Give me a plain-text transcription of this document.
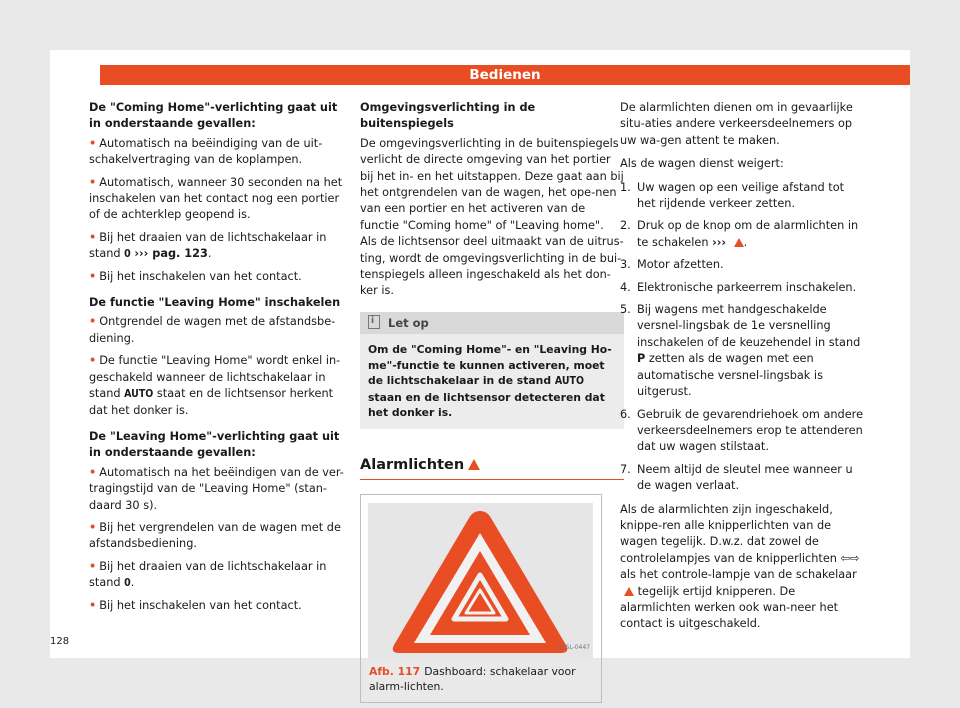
Bedienen

De "Coming Home"-verlichting gaat uit in onderstaande gevallen:

• Automatisch na beëindiging van de uit-schakelvertraging van de koplampen.

• Automatisch, wanneer 30 seconden na het inschakelen van het contact nog een portier of de achterklep geopend is.

• Bij het draaien van de lichtschakelaar in stand 0 ››› pag. 123.

• Bij het inschakelen van het contact.

De functie "Leaving Home" inschakelen

• Ontgrendel de wagen met de afstandsbe-diening.

• De functie "Leaving Home" wordt enkel in-geschakeld wanneer de lichtschakelaar in stand AUTO staat en de lichtsensor herkent dat het donker is.

De "Leaving Home"-verlichting gaat uit in onderstaande gevallen:

• Automatisch na het beëindigen van de ver-tragingstijd van de "Leaving Home" (stan-daard 30 s).

• Bij het vergrendelen van de wagen met de afstandsbediening.

• Bij het draaien van de lichtschakelaar in stand 0.

• Bij het inschakelen van het contact.

Omgevingsverlichting in de buitenspiegels

De omgevingsverlichting in de buitenspiegels verlicht de directe omgeving van het portier bij het in- en het uitstappen. Deze gaat aan bij het ontgrendelen van de wagen, het ope-nen van een portier en het activeren van de functie "Coming home" of "Leaving home". Als de lichtsensor deel uitmaakt van de uitrus-ting, wordt de omgevingsverlichting in de bui-tenspiegels alleen ingeschakeld als het don-ker is.

iLet op
Om de "Coming Home"- en "Leaving Ho-me"-functie te kunnen activeren, moet de lichtschakelaar in de stand AUTO staan en de lichtsensor detecteren dat het donker is.
Alarmlichten
B1SL-0447
Afb. 117 Dashboard: schakelaar voor alarm-lichten.

De alarmlichten dienen om in gevaarlijke situ-aties andere verkeersdeelnemers op uw wa-gen attent te maken.

Als de wagen dienst weigert:

1. Uw wagen op een veilige afstand tot het rijdende verkeer zetten.
2. Druk op de knop om de alarmlichten in te schakelen ››› .
3. Motor afzetten.
4. Elektronische parkeerrem inschakelen.
5. Bij wagens met handgeschakelde versnel-lingsbak de 1e versnelling inschakelen of de keuzehendel in stand P zetten als de wagen met een automatische versnel-lingsbak is uitgerust.
6. Gebruik de gevarendriehoek om andere verkeersdeelnemers erop te attenderen dat uw wagen stilstaat.
7. Neem altijd de sleutel mee wanneer u de wagen verlaat.

Als de alarmlichten zijn ingeschakeld, knippe-ren alle knipperlichten van de wagen tegelijk. D.w.z. dat zowel de controlelampjes van de knipperlichten ⇦⇨ als het controle-lampje van de schakelaar  tegelijk ertijd knipperen. De alarmlichten werken ook wan-neer het contact is uitgeschakeld.

128
